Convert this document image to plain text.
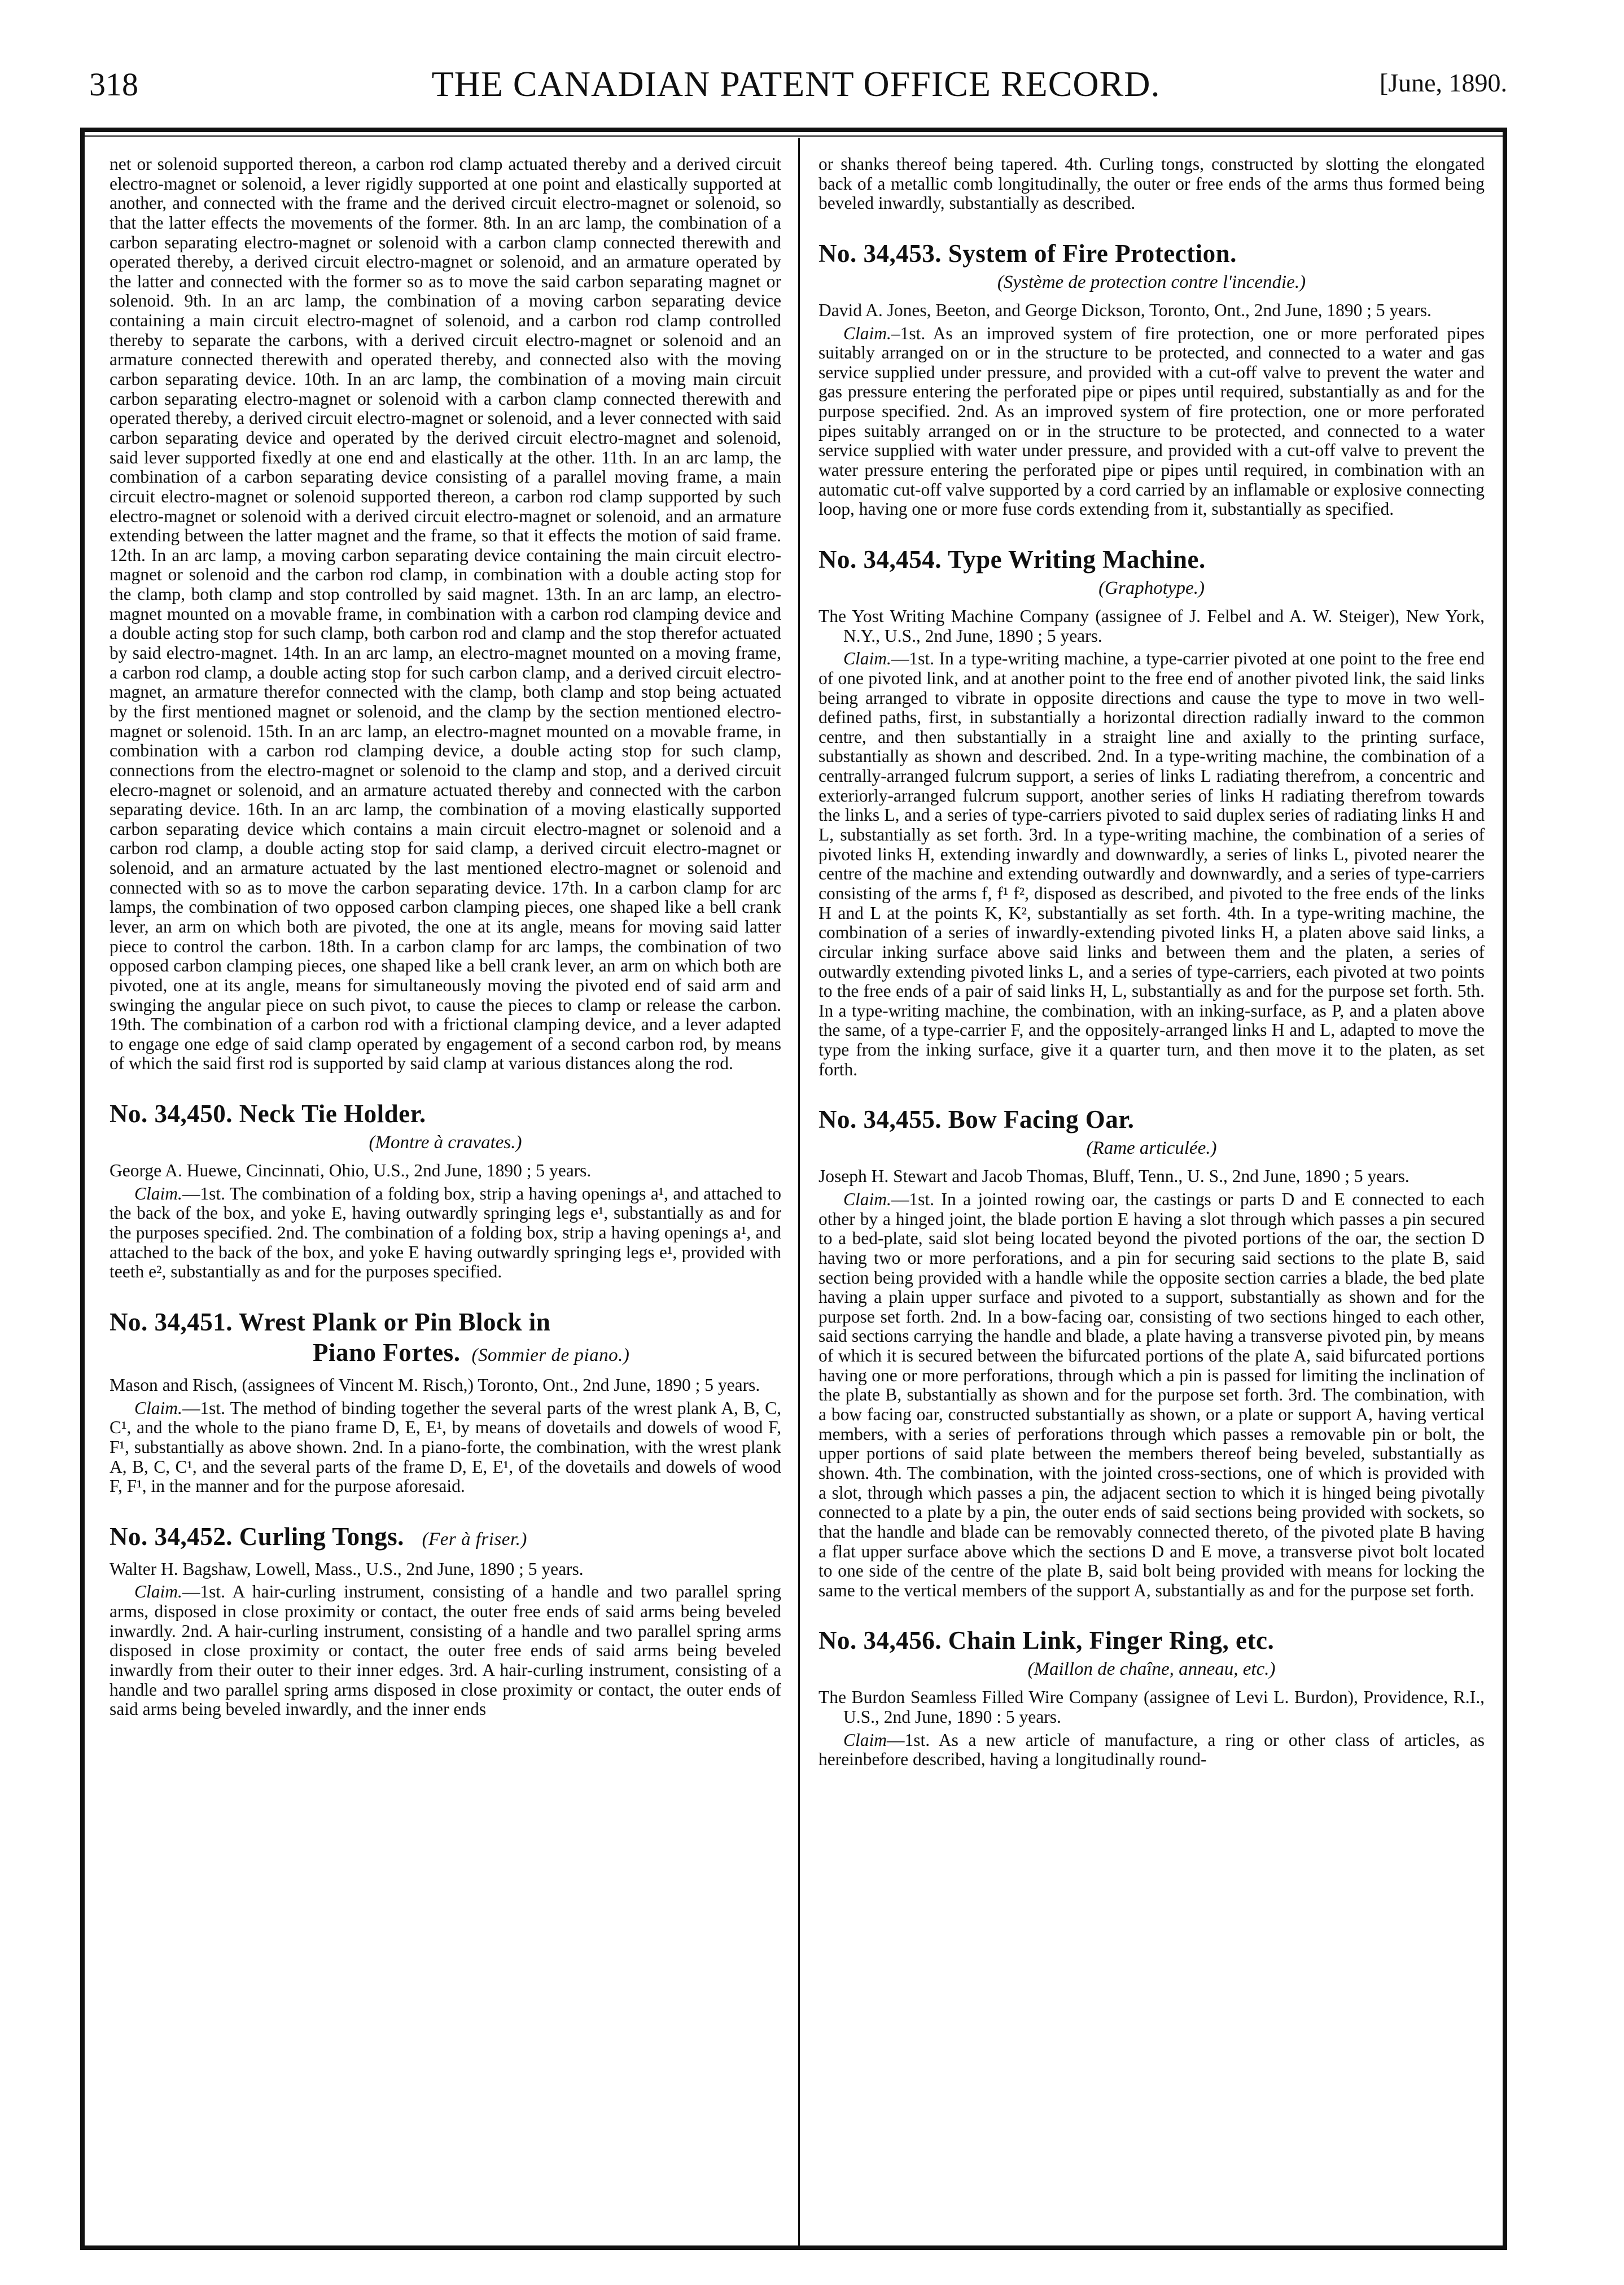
318	THE CANADIAN PATENT OFFICE RECORD.	[June, 1890.

net or solenoid supported thereon, a carbon rod clamp actuated thereby and a derived circuit electro-magnet or solenoid, a lever rigidly supported at one point and elastically supported at another, and connected with the frame and the derived circuit electro-magnet or solenoid, so that the latter effects the movements of the former. 8th. In an arc lamp, the combination of a carbon separating electro-magnet or solenoid with a carbon clamp connected therewith and operated thereby, a derived circuit electro-magnet or solenoid, and an armature operated by the latter and connected with the former so as to move the said carbon separating magnet or solenoid. 9th. In an arc lamp, the combination of a moving carbon separating device containing a main circuit electro-magnet of solenoid, and a carbon rod clamp controlled thereby to separate the carbons, with a derived circuit electro-magnet or solenoid and an armature connected therewith and operated thereby, and connected also with the moving carbon separating device. 10th. In an arc lamp, the combination of a moving main circuit carbon separating electro-magnet or solenoid with a carbon clamp connected therewith and operated thereby, a derived circuit electro-magnet or solenoid, and a lever connected with said carbon separating device and operated by the derived circuit electro-magnet and solenoid, said lever supported fixedly at one end and elastically at the other. 11th. In an arc lamp, the combination of a carbon separating device consisting of a parallel moving frame, a main circuit electro-magnet or solenoid supported thereon, a carbon rod clamp supported by such electro-magnet or solenoid with a derived circuit electro-magnet or solenoid, and an armature extending between the latter magnet and the frame, so that it effects the motion of said frame. 12th. In an arc lamp, a moving carbon separating device containing the main circuit electro-magnet or solenoid and the carbon rod clamp, in combination with a double acting stop for the clamp, both clamp and stop controlled by said magnet. 13th. In an arc lamp, an electro-magnet mounted on a movable frame, in combination with a carbon rod clamping device and a double acting stop for such clamp, both carbon rod and clamp and the stop therefor actuated by said electro-magnet. 14th. In an arc lamp, an electro-magnet mounted on a moving frame, a carbon rod clamp, a double acting stop for such carbon clamp, and a derived circuit electro-magnet, an armature therefor connected with the clamp, both clamp and stop being actuated by the first mentioned magnet or solenoid, and the clamp by the section mentioned electro-magnet or solenoid. 15th. In an arc lamp, an electro-magnet mounted on a movable frame, in combination with a carbon rod clamping device, a double acting stop for such clamp, connections from the electro-magnet or solenoid to the clamp and stop, and a derived circuit elecro-magnet or solenoid, and an armature actuated thereby and connected with the carbon separating device. 16th. In an arc lamp, the combination of a moving elastically supported carbon separating device which contains a main circuit electro-magnet or solenoid and a carbon rod clamp, a double acting stop for said clamp, a derived circuit electro-magnet or solenoid, and an armature actuated by the last mentioned electro-magnet or solenoid and connected with so as to move the carbon separating device. 17th. In a carbon clamp for arc lamps, the combination of two opposed carbon clamping pieces, one shaped like a bell crank lever, an arm on which both are pivoted, the one at its angle, means for moving said latter piece to control the carbon. 18th. In a carbon clamp for arc lamps, the combination of two opposed carbon clamping pieces, one shaped like a bell crank lever, an arm on which both are pivoted, one at its angle, means for simultaneously moving the pivoted end of said arm and swinging the angular piece on such pivot, to cause the pieces to clamp or release the carbon. 19th. The combination of a carbon rod with a frictional clamping device, and a lever adapted to engage one edge of said clamp operated by engagement of a second carbon rod, by means of which the said first rod is supported by said clamp at various distances along the rod.

No. 34,450. Neck Tie Holder.
(Montre à cravates.)

George A. Huewe, Cincinnati, Ohio, U.S., 2nd June, 1890 ; 5 years.

Claim.—1st. The combination of a folding box, strip a having openings a¹, and attached to the back of the box, and yoke E, having outwardly springing legs e¹, substantially as and for the purposes specified. 2nd. The combination of a folding box, strip a having openings a¹, and attached to the back of the box, and yoke E having outwardly springing legs e¹, provided with teeth e², substantially as and for the purposes specified.

No. 34,451. Wrest Plank or Pin Block in
Piano Fortes. (Sommier de piano.)

Mason and Risch, (assignees of Vincent M. Risch,) Toronto, Ont., 2nd June, 1890 ; 5 years.

Claim.—1st. The method of binding together the several parts of the wrest plank A, B, C, C¹, and the whole to the piano frame D, E, E¹, by means of dovetails and dowels of wood F, F¹, substantially as above shown. 2nd. In a piano-forte, the combination, with the wrest plank A, B, C, C¹, and the several parts of the frame D, E, E¹, of the dovetails and dowels of wood F, F¹, in the manner and for the purpose aforesaid.

No. 34,452. Curling Tongs. (Fer à friser.)

Walter H. Bagshaw, Lowell, Mass., U.S., 2nd June, 1890 ; 5 years.

Claim.—1st. A hair-curling instrument, consisting of a handle and two parallel spring arms, disposed in close proximity or contact, the outer free ends of said arms being beveled inwardly. 2nd. A hair-curling instrument, consisting of a handle and two parallel spring arms disposed in close proximity or contact, the outer free ends of said arms being beveled inwardly from their outer to their inner edges. 3rd. A hair-curling instrument, consisting of a handle and two parallel spring arms disposed in close proximity or contact, the outer ends of said arms being beveled inwardly, and the inner ends

or shanks thereof being tapered. 4th. Curling tongs, constructed by slotting the elongated back of a metallic comb longitudinally, the outer or free ends of the arms thus formed being beveled inwardly, substantially as described.

No. 34,453. System of Fire Protection.
(Système de protection contre l'incendie.)

David A. Jones, Beeton, and George Dickson, Toronto, Ont., 2nd June, 1890 ; 5 years.

Claim.–1st. As an improved system of fire protection, one or more perforated pipes suitably arranged on or in the structure to be protected, and connected to a water and gas service supplied under pressure, and provided with a cut-off valve to prevent the water and gas pressure entering the perforated pipe or pipes until required, substantially as and for the purpose specified. 2nd. As an improved system of fire protection, one or more perforated pipes suitably arranged on or in the structure to be protected, and connected to a water service supplied with water under pressure, and provided with a cut-off valve to prevent the water pressure entering the perforated pipe or pipes until required, in combination with an automatic cut-off valve supported by a cord carried by an inflamable or explosive connecting loop, having one or more fuse cords extending from it, substantially as specified.

No. 34,454. Type Writing Machine.
(Graphotype.)

The Yost Writing Machine Company (assignee of J. Felbel and A. W. Steiger), New York, N.Y., U.S., 2nd June, 1890 ; 5 years.

Claim.—1st. In a type-writing machine, a type-carrier pivoted at one point to the free end of one pivoted link, and at another point to the free end of another pivoted link, the said links being arranged to vibrate in opposite directions and cause the type to move in two well-defined paths, first, in substantially a horizontal direction radially inward to the common centre, and then substantially in a straight line and axially to the printing surface, substantially as shown and described. 2nd. In a type-writing machine, the combination of a centrally-arranged fulcrum support, a series of links L radiating therefrom, a concentric and exteriorly-arranged fulcrum support, another series of links H radiating therefrom towards the links L, and a series of type-carriers pivoted to said duplex series of radiating links H and L, substantially as set forth. 3rd. In a type-writing machine, the combination of a series of pivoted links H, extending inwardly and downwardly, a series of links L, pivoted nearer the centre of the machine and extending outwardly and downwardly, and a series of type-carriers consisting of the arms f, f¹ f², disposed as described, and pivoted to the free ends of the links H and L at the points K, K², substantially as set forth. 4th. In a type-writing machine, the combination of a series of inwardly-extending pivoted links H, a platen above said links, a circular inking surface above said links and between them and the platen, a series of outwardly extending pivoted links L, and a series of type-carriers, each pivoted at two points to the free ends of a pair of said links H, L, substantially as and for the purpose set forth. 5th. In a type-writing machine, the combination, with an inking-surface, as P, and a platen above the same, of a type-carrier F, and the oppositely-arranged links H and L, adapted to move the type from the inking surface, give it a quarter turn, and then move it to the platen, as set forth.

No. 34,455. Bow Facing Oar.
(Rame articulée.)

Joseph H. Stewart and Jacob Thomas, Bluff, Tenn., U. S., 2nd June, 1890 ; 5 years.

Claim.—1st. In a jointed rowing oar, the castings or parts D and E connected to each other by a hinged joint, the blade portion E having a slot through which passes a pin secured to a bed-plate, said slot being located beyond the pivoted portions of the oar, the section D having two or more perforations, and a pin for securing said sections to the plate B, said section being provided with a handle while the opposite section carries a blade, the bed plate having a plain upper surface and pivoted to a support, substantially as shown and for the purpose set forth. 2nd. In a bow-facing oar, consisting of two sections hinged to each other, said sections carrying the handle and blade, a plate having a transverse pivoted pin, by means of which it is secured between the bifurcated portions of the plate A, said bifurcated portions having one or more perforations, through which a pin is passed for limiting the inclination of the plate B, substantially as shown and for the purpose set forth. 3rd. The combination, with a bow facing oar, constructed substantially as shown, or a plate or support A, having vertical members, with a series of perforations through which passes a removable pin or bolt, the upper portions of said plate between the members thereof being beveled, substantially as shown. 4th. The combination, with the jointed cross-sections, one of which is provided with a slot, through which passes a pin, the adjacent section to which it is hinged being pivotally connected to a plate by a pin, the outer ends of said sections being provided with sockets, so that the handle and blade can be removably connected thereto, of the pivoted plate B having a flat upper surface above which the sections D and E move, a transverse pivot bolt located to one side of the centre of the plate B, said bolt being provided with means for locking the same to the vertical members of the support A, substantially as and for the purpose set forth.

No. 34,456. Chain Link, Finger Ring, etc.
(Maillon de chaîne, anneau, etc.)

The Burdon Seamless Filled Wire Company (assignee of Levi L. Burdon), Providence, R.I., U.S., 2nd June, 1890 : 5 years.

Claim—1st. As a new article of manufacture, a ring or other class of articles, as hereinbefore described, having a longitudinally round-
